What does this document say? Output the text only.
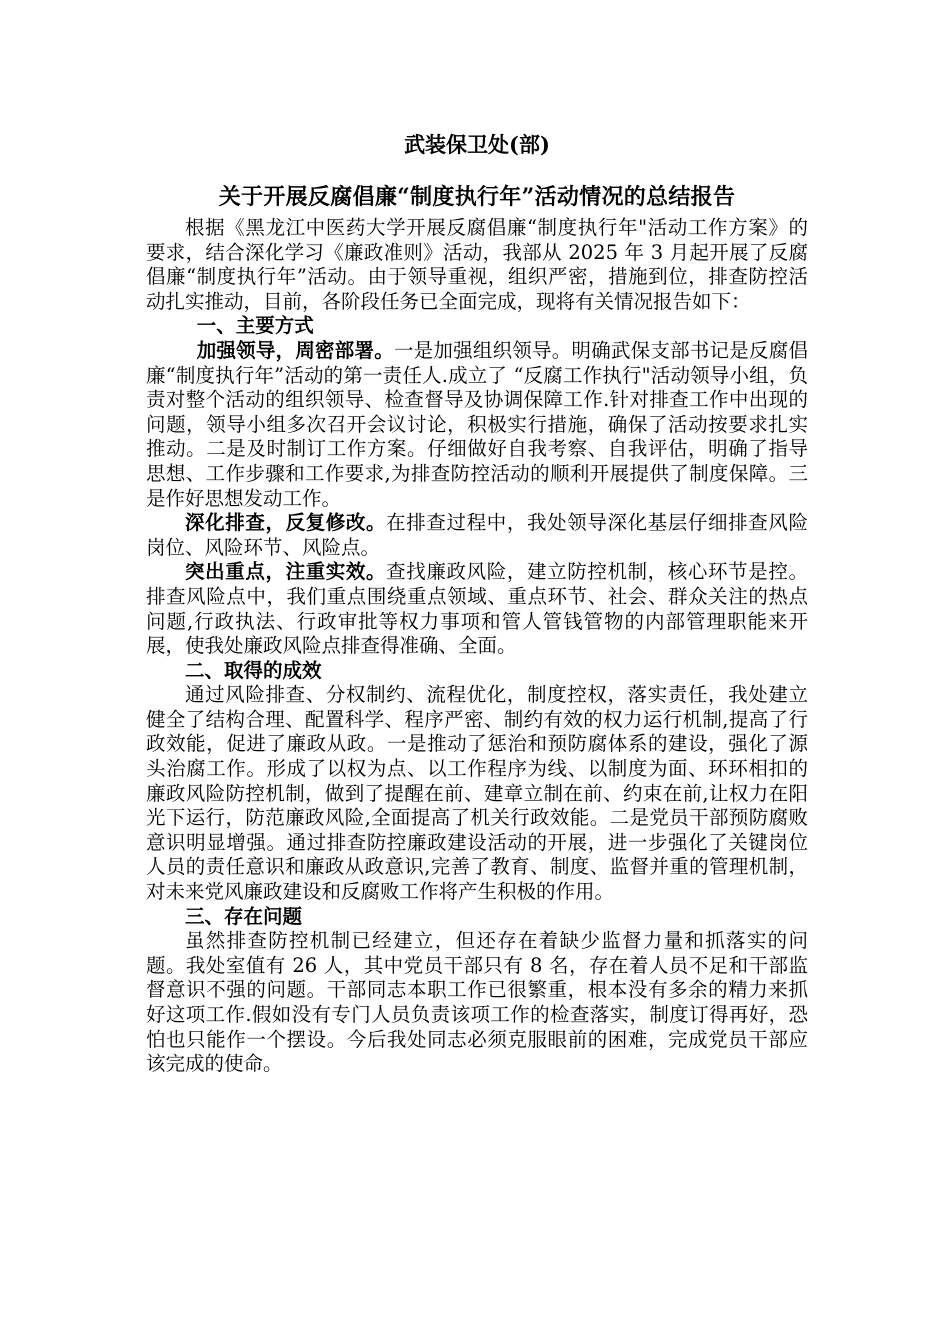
武装保卫处(部)
关于开展反腐倡廉“制度执行年”活动情况的总结报告

根据《黑龙江中医药大学开展反腐倡廉“制度执行年"活动工作方案》的要求，结合深化学习《廉政准则》活动，我部从 2025 年 3 月起开展了反腐倡廉“制度执行年”活动。由于领导重视，组织严密，措施到位，排查防控活动扎实推动，目前，各阶段任务已全面完成，现将有关情况报告如下：

一、主要方式

加强领导，周密部署。一是加强组织领导。明确武保支部书记是反腐倡廉“制度执行年”活动的第一责任人.成立了 “反腐工作执行"活动领导小组，负责对整个活动的组织领导、检查督导及协调保障工作.针对排查工作中出现的问题，领导小组多次召开会议讨论，积极实行措施，确保了活动按要求扎实推动。二是及时制订工作方案。仔细做好自我考察、自我评估，明确了指导思想、工作步骤和工作要求,为排查防控活动的顺利开展提供了制度保障。三是作好思想发动工作。

深化排查，反复修改。在排查过程中，我处领导深化基层仔细排查风险岗位、风险环节、风险点。

突出重点，注重实效。查找廉政风险，建立防控机制，核心环节是控。排查风险点中，我们重点围绕重点领域、重点环节、社会、群众关注的热点问题,行政执法、行政审批等权力事项和管人管钱管物的内部管理职能来开展，使我处廉政风险点排查得准确、全面。

二、取得的成效

通过风险排查、分权制约、流程优化，制度控权，落实责任，我处建立健全了结构合理、配置科学、程序严密、制约有效的权力运行机制,提高了行政效能，促进了廉政从政。一是推动了惩治和预防腐体系的建设，强化了源头治腐工作。形成了以权为点、以工作程序为线、以制度为面、环环相扣的廉政风险防控机制，做到了提醒在前、建章立制在前、约束在前,让权力在阳光下运行，防范廉政风险,全面提高了机关行政效能。二是党员干部预防腐败意识明显增强。通过排查防控廉政建设活动的开展，进一步强化了关键岗位人员的责任意识和廉政从政意识,完善了教育、制度、监督并重的管理机制，对未来党风廉政建设和反腐败工作将产生积极的作用。

三、存在问题

虽然排查防控机制已经建立，但还存在着缺少监督力量和抓落实的问题。我处室值有 26 人，其中党员干部只有 8 名，存在着人员不足和干部监督意识不强的问题。干部同志本职工作已很繁重，根本没有多余的精力来抓好这项工作.假如没有专门人员负责该项工作的检查落实，制度订得再好，恐怕也只能作一个摆设。今后我处同志必须克服眼前的困难，完成党员干部应该完成的使命。
